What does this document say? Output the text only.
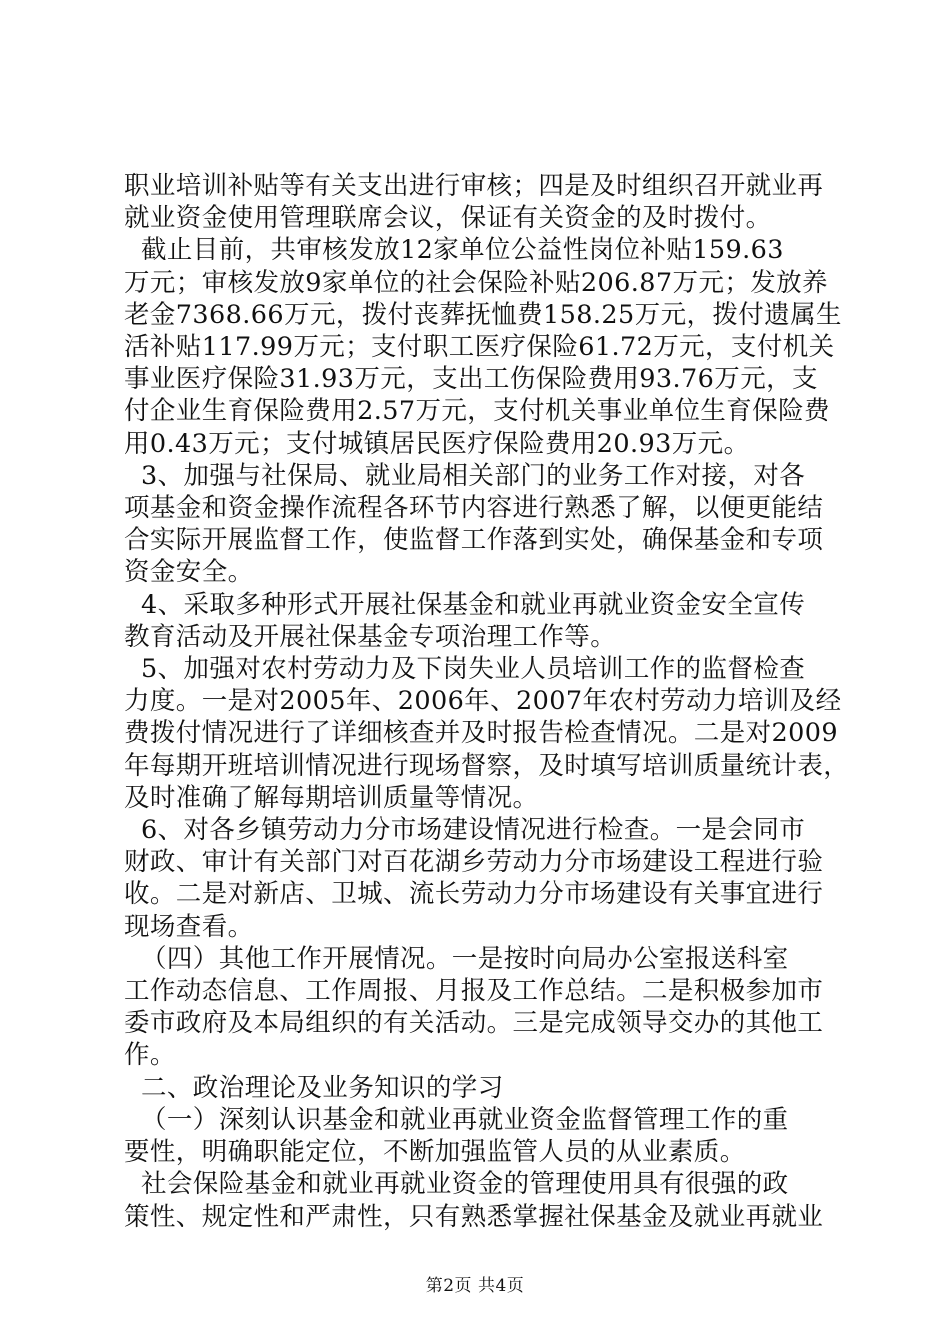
职业培训补贴等有关支出进行审核；四是及时组织召开就业再
就业资金使用管理联席会议，保证有关资金的及时拨付。
截止目前，共审核发放12家单位公益性岗位补贴159.63
万元；审核发放9家单位的社会保险补贴206.87万元；发放养
老金7368.66万元，拨付丧葬抚恤费158.25万元，拨付遗属生
活补贴117.99万元；支付职工医疗保险61.72万元，支付机关
事业医疗保险31.93万元，支出工伤保险费用93.76万元，支
付企业生育保险费用2.57万元，支付机关事业单位生育保险费
用0.43万元；支付城镇居民医疗保险费用20.93万元。
3、加强与社保局、就业局相关部门的业务工作对接，对各
项基金和资金操作流程各环节内容进行熟悉了解，以便更能结
合实际开展监督工作，使监督工作落到实处，确保基金和专项
资金安全。
4、采取多种形式开展社保基金和就业再就业资金安全宣传
教育活动及开展社保基金专项治理工作等。
5、加强对农村劳动力及下岗失业人员培训工作的监督检查
力度。一是对2005年、2006年、2007年农村劳动力培训及经
费拨付情况进行了详细核查并及时报告检查情况。二是对2009
年每期开班培训情况进行现场督察，及时填写培训质量统计表，
及时准确了解每期培训质量等情况。
6、对各乡镇劳动力分市场建设情况进行检查。一是会同市
财政、审计有关部门对百花湖乡劳动力分市场建设工程进行验
收。二是对新店、卫城、流长劳动力分市场建设有关事宜进行
现场查看。
（四）其他工作开展情况。一是按时向局办公室报送科室
工作动态信息、工作周报、月报及工作总结。二是积极参加市
委市政府及本局组织的有关活动。三是完成领导交办的其他工
作。
二、政治理论及业务知识的学习
（一）深刻认识基金和就业再就业资金监督管理工作的重
要性，明确职能定位，不断加强监管人员的从业素质。
社会保险基金和就业再就业资金的管理使用具有很强的政
策性、规定性和严肃性，只有熟悉掌握社保基金及就业再就业
第2页 共4页
